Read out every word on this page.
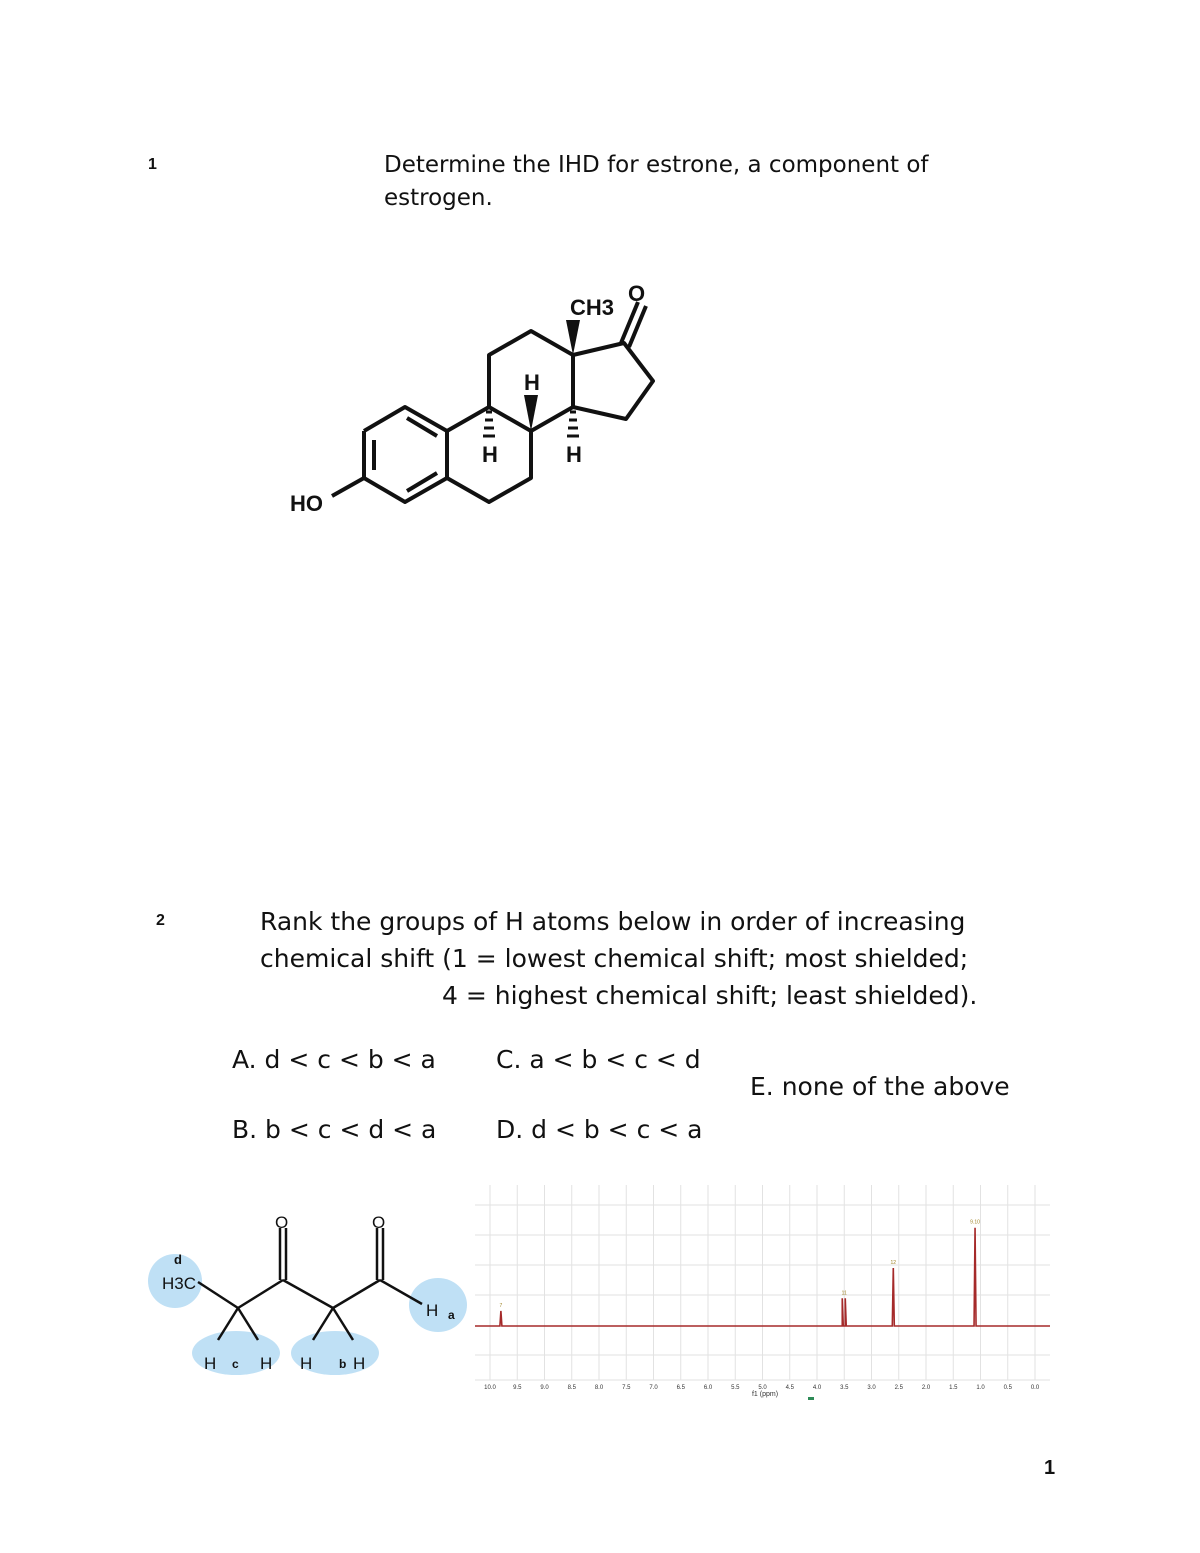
1	Determine the IHD for estrone, a component of estrogen.
CH3
O
HO
H
H	H
2	Rank the groups of H atoms below in order of increasing
chemical shift (1 = lowest chemical shift; most shielded;
4 = highest chemical shift; least shielded).
A. d < c < b < a
B. b < c < d < a
C. a < b < c < d
D. d < b < c < a
E. none of the above
d
H3C
O	O
H a
H c H H b H
10.0	9.5	9.0	8.5	8.0	7.5	7.0	6.5	6.0	5.5	5.0	4.5	4.0	3.5	3.0	2.5	2.0	1.5	1.0	0.5	0.0
7
11
12
9.10
f1 (ppm)
1
